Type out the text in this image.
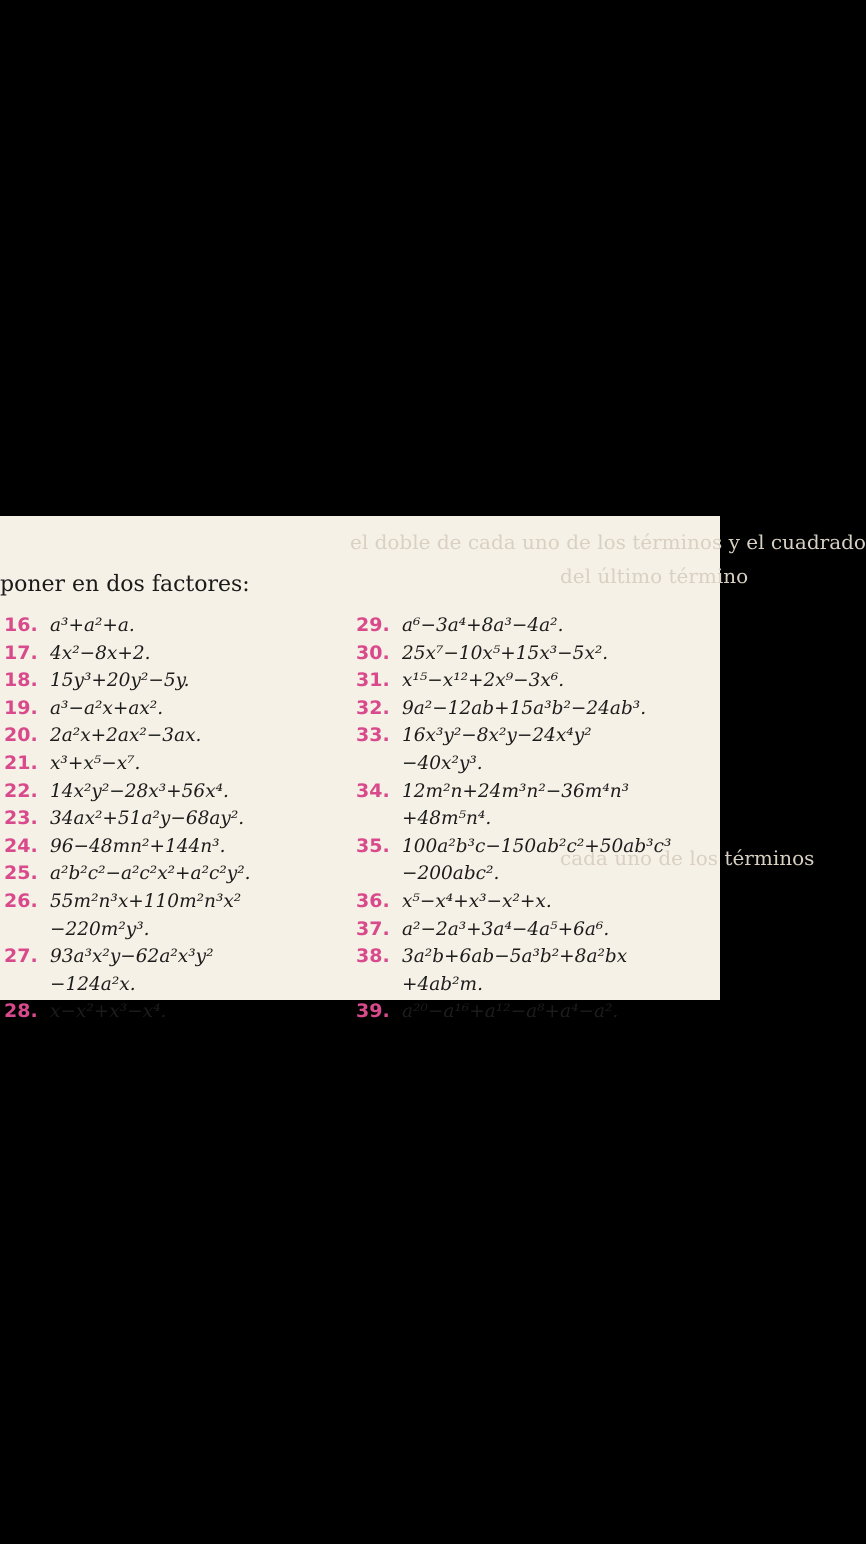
el doble de cada uno de los términos y el cuadrado
del último término
cada uno de los términos
poner en dos factores:
16. a³+a²+a.
17. 4x²−8x+2.
18. 15y³+20y²−5y.
19. a³−a²x+ax².
20. 2a²x+2ax²−3ax.
21. x³+x⁵−x⁷.
22. 14x²y²−28x³+56x⁴.
23. 34ax²+51a²y−68ay².
24. 96−48mn²+144n³.
25. a²b²c²−a²c²x²+a²c²y².
26. 55m²n³x+110m²n³x²
−220m²y³.
27. 93a³x²y−62a²x³y²
−124a²x.
28. x−x²+x³−x⁴.
29. a⁶−3a⁴+8a³−4a².
30. 25x⁷−10x⁵+15x³−5x².
31. x¹⁵−x¹²+2x⁹−3x⁶.
32. 9a²−12ab+15a³b²−24ab³.
33. 16x³y²−8x²y−24x⁴y²
−40x²y³.
34. 12m²n+24m³n²−36m⁴n³
+48m⁵n⁴.
35. 100a²b³c−150ab²c²+50ab³c³
−200abc².
36. x⁵−x⁴+x³−x²+x.
37. a²−2a³+3a⁴−4a⁵+6a⁶.
38. 3a²b+6ab−5a³b²+8a²bx
+4ab²m.
39. a²⁰−a¹⁶+a¹²−a⁸+a⁴−a².
